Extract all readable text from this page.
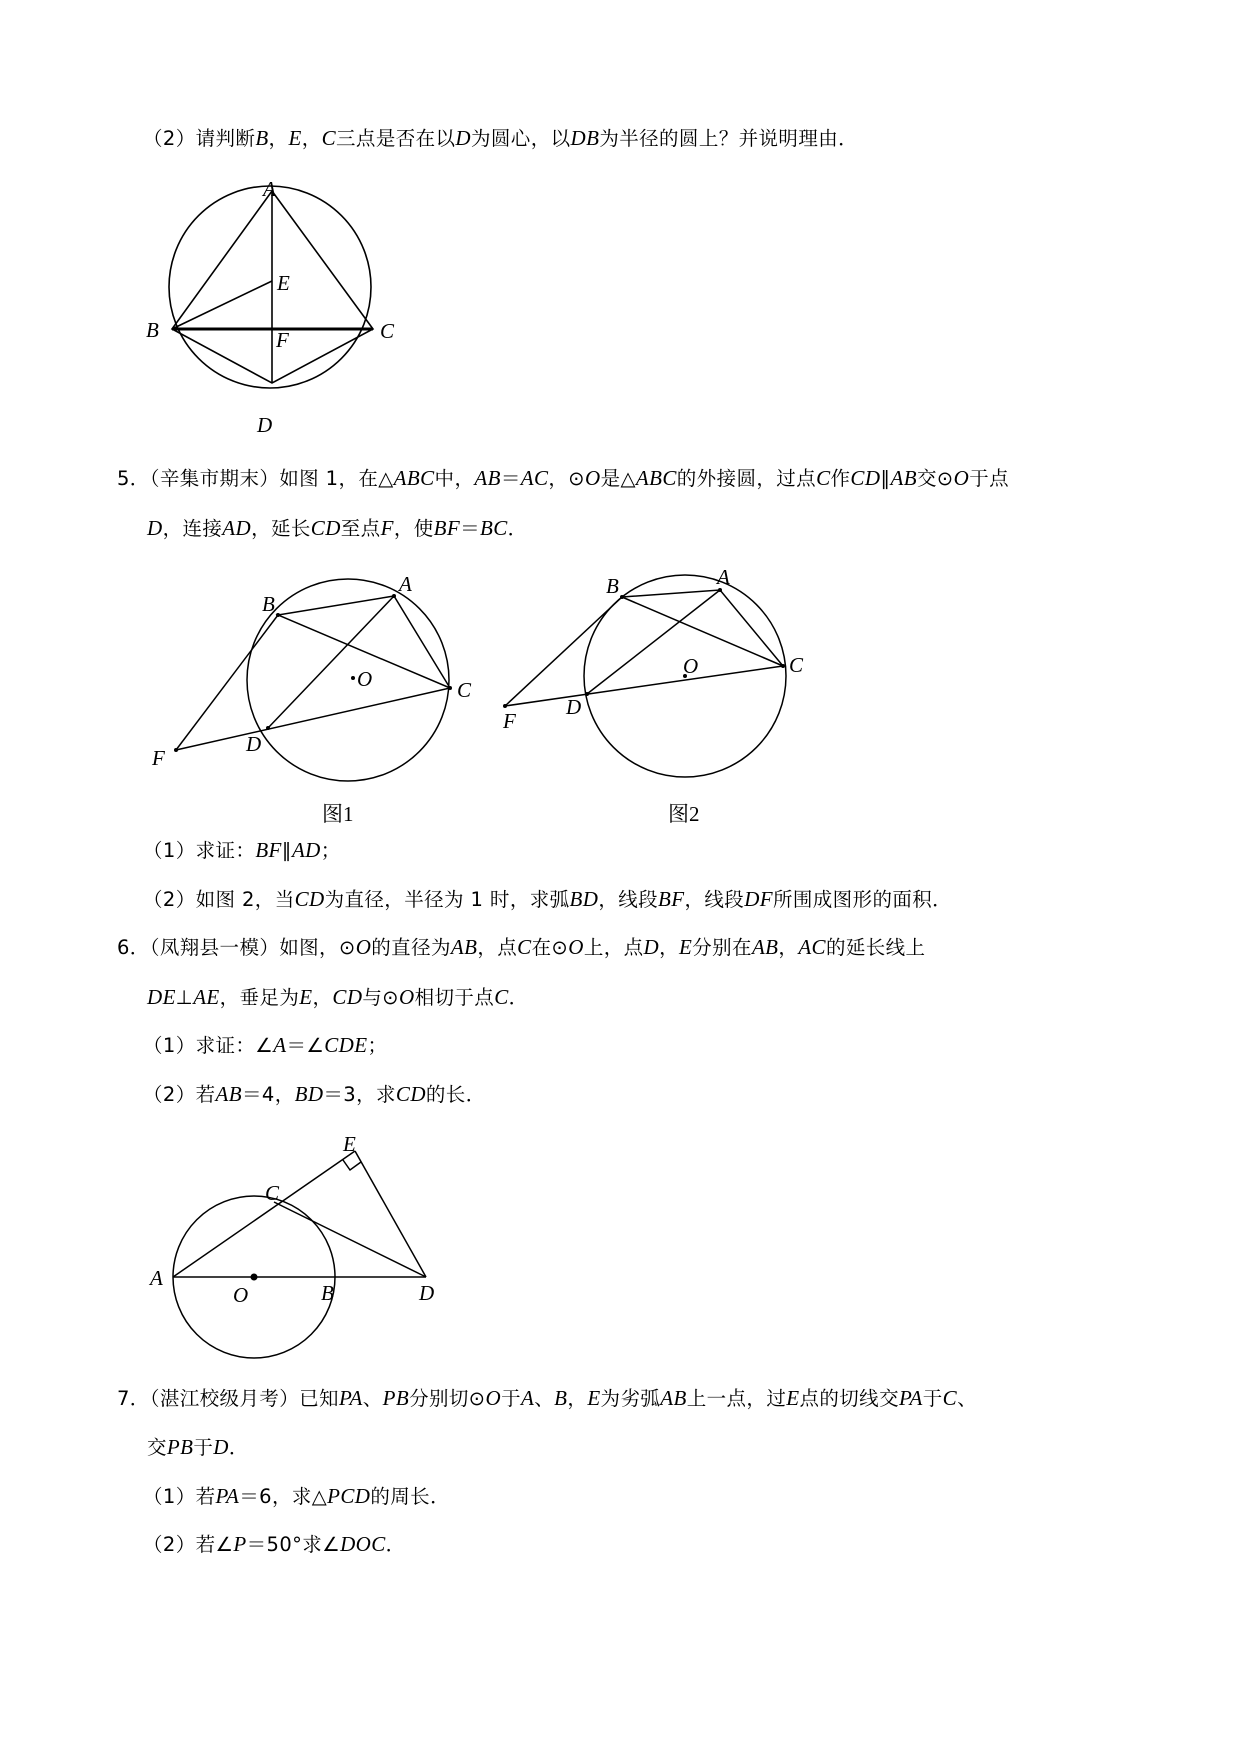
（2）请判断B，E，C三点是否在以D为圆心，以DB为半径的圆上？并说明理由．
A
E
B	F	C
D
5．（辛集市期末）如图 1，在△ABC中，AB＝AC，⊙O是△ABC的外接圆，过点C作CD∥AB交⊙O于点
D，连接AD，延长CD至点F，使BF＝BC．
B
A
O	C
D
F
图1
B	A
O	C
D
F
图2
（1）求证：BF∥AD；
（2）如图 2，当CD为直径，半径为 1 时，求弧BD，线段BF，线段DF所围成图形的面积．
6．（凤翔县一模）如图，⊙O的直径为AB，点C在⊙O上，点D，E分别在AB，AC的延长线上
DE⊥AE，垂足为E，CD与⊙O相切于点C．
（1）求证：∠A＝∠CDE；
（2）若AB＝4，BD＝3，求CD的长．
E
C
A
O	B	D
7．（湛江校级月考）已知PA、PB分别切⊙O于A、B，E为劣弧AB上一点，过E点的切线交PA于C、
交PB于D．
（1）若PA＝6，求△PCD的周长．
（2）若∠P＝50°求∠DOC．
